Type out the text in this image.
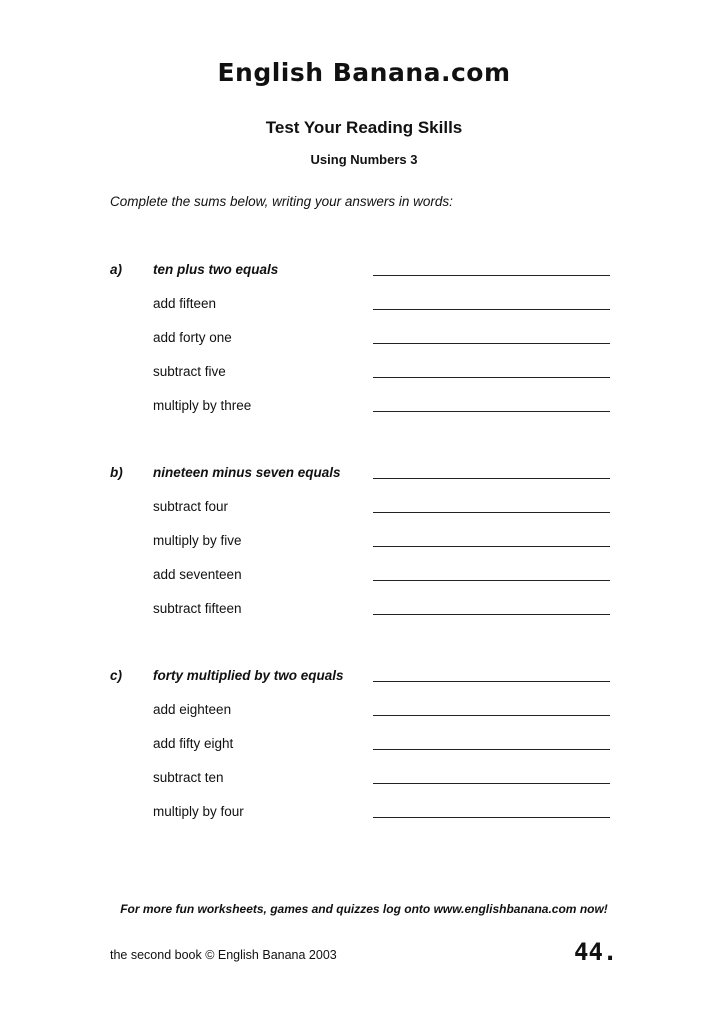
English Banana.com
Test Your Reading Skills
Using Numbers 3
Complete the sums below, writing your answers in words:
a) ten plus two equals
add fifteen
add forty one
subtract five
multiply by three
b) nineteen minus seven equals
subtract four
multiply by five
add seventeen
subtract fifteen
c) forty multiplied by two equals
add eighteen
add fifty eight
subtract ten
multiply by four
For more fun worksheets, games and quizzes log onto www.englishbanana.com now!
the second book © English Banana 2003	44.
